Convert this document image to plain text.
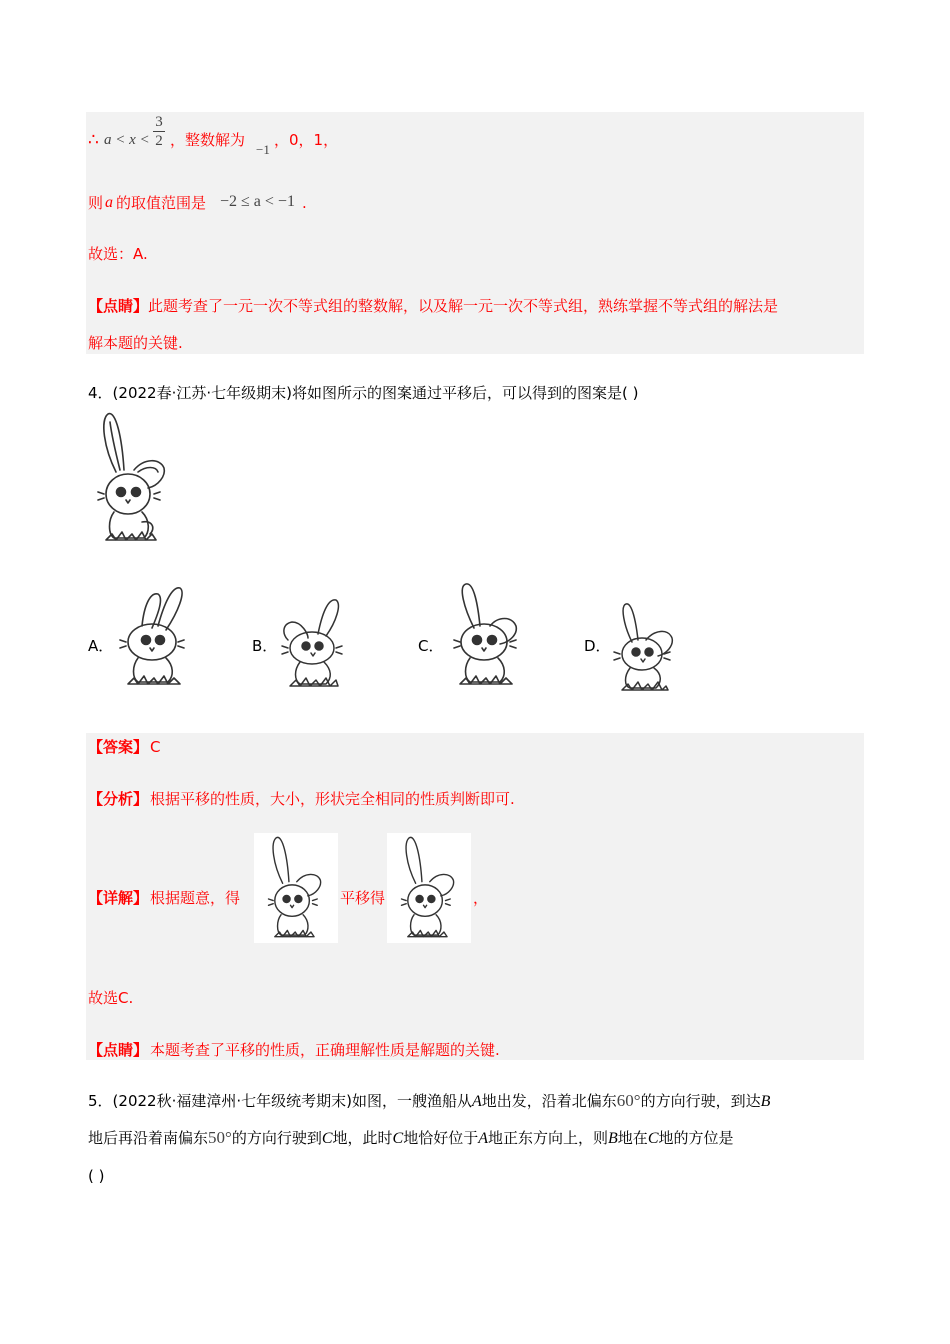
∴ a < x <
3
2 ，整数解为
−1
，0，1，
则 a 的取值范围是 −2 ≤ a < −1 .
故选：A.
【点睛】 此题考查了一元一次不等式组的整数解，以及解一元一次不等式组，熟练掌握不等式组的解法是
解本题的关键.
4．(2022春·江苏·七年级期末)将如图所示的图案通过平移后，可以得到的图案是( )
A．	B．	C．	D．
【答案】 C
【分析】 根据平移的性质，大小，形状完全相同的性质判断即可.
【详解】 根据题意，得	平移得	，
故选C.
【点睛】 本题考查了平移的性质，正确理解性质是解题的关键.
5．(2022秋·福建漳州·七年级统考期末)如图，一艘渔船从A地出发，沿着北偏东60°的方向行驶，到达B
地后再沿着南偏东50°的方向行驶到C地，此时C地恰好位于A地正东方向上，则B地在C地的方位是
( )
